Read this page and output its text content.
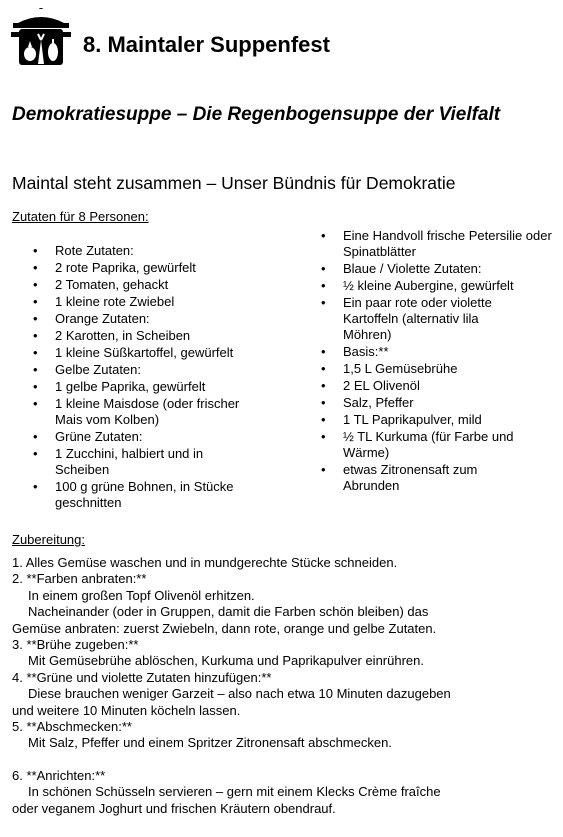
8. Maintaler Suppenfest
Demokratiesuppe – Die Regenbogensuppe der Vielfalt
Maintal steht zusammen – Unser Bündnis für Demokratie
Zutaten für 8 Personen:
• Rote Zutaten:
• 2 rote Paprika, gewürfelt
• 2 Tomaten, gehackt
• 1 kleine rote Zwiebel
• Orange Zutaten:
• 2 Karotten, in Scheiben
• 1 kleine Süßkartoffel, gewürfelt
• Gelbe Zutaten:
• 1 gelbe Paprika, gewürfelt
• 1 kleine Maisdose (oder frischer Mais vom Kolben)
• Grüne Zutaten:
• 1 Zucchini, halbiert und in Scheiben
• 100 g grüne Bohnen, in Stücke geschnitten
• Eine Handvoll frische Petersilie oder Spinatblätter
• Blaue / Violette Zutaten:
• ½ kleine Aubergine, gewürfelt
• Ein paar rote oder violette Kartoffeln (alternativ lila Möhren)
• Basis:**
• 1,5 L Gemüsebrühe
• 2 EL Olivenöl
• Salz, Pfeffer
• 1 TL Paprikapulver, mild
• ½ TL Kurkuma (für Farbe und Wärme)
• etwas Zitronensaft zum Abrunden
Zubereitung:
1. Alles Gemüse waschen und in mundgerechte Stücke schneiden.
2. **Farben anbraten:**
In einem großen Topf Olivenöl erhitzen.
Nacheinander (oder in Gruppen, damit die Farben schön bleiben) das
Gemüse anbraten: zuerst Zwiebeln, dann rote, orange und gelbe Zutaten.
3. **Brühe zugeben:**
Mit Gemüsebrühe ablöschen, Kurkuma und Paprikapulver einrühren.
4. **Grüne und violette Zutaten hinzufügen:**
Diese brauchen weniger Garzeit – also nach etwa 10 Minuten dazugeben
und weitere 10 Minuten köcheln lassen.
5. **Abschmecken:**
Mit Salz, Pfeffer und einem Spritzer Zitronensaft abschmecken.
6. **Anrichten:**
In schönen Schüsseln servieren – gern mit einem Klecks Crème fraîche
oder veganem Joghurt und frischen Kräutern obendrauf.
